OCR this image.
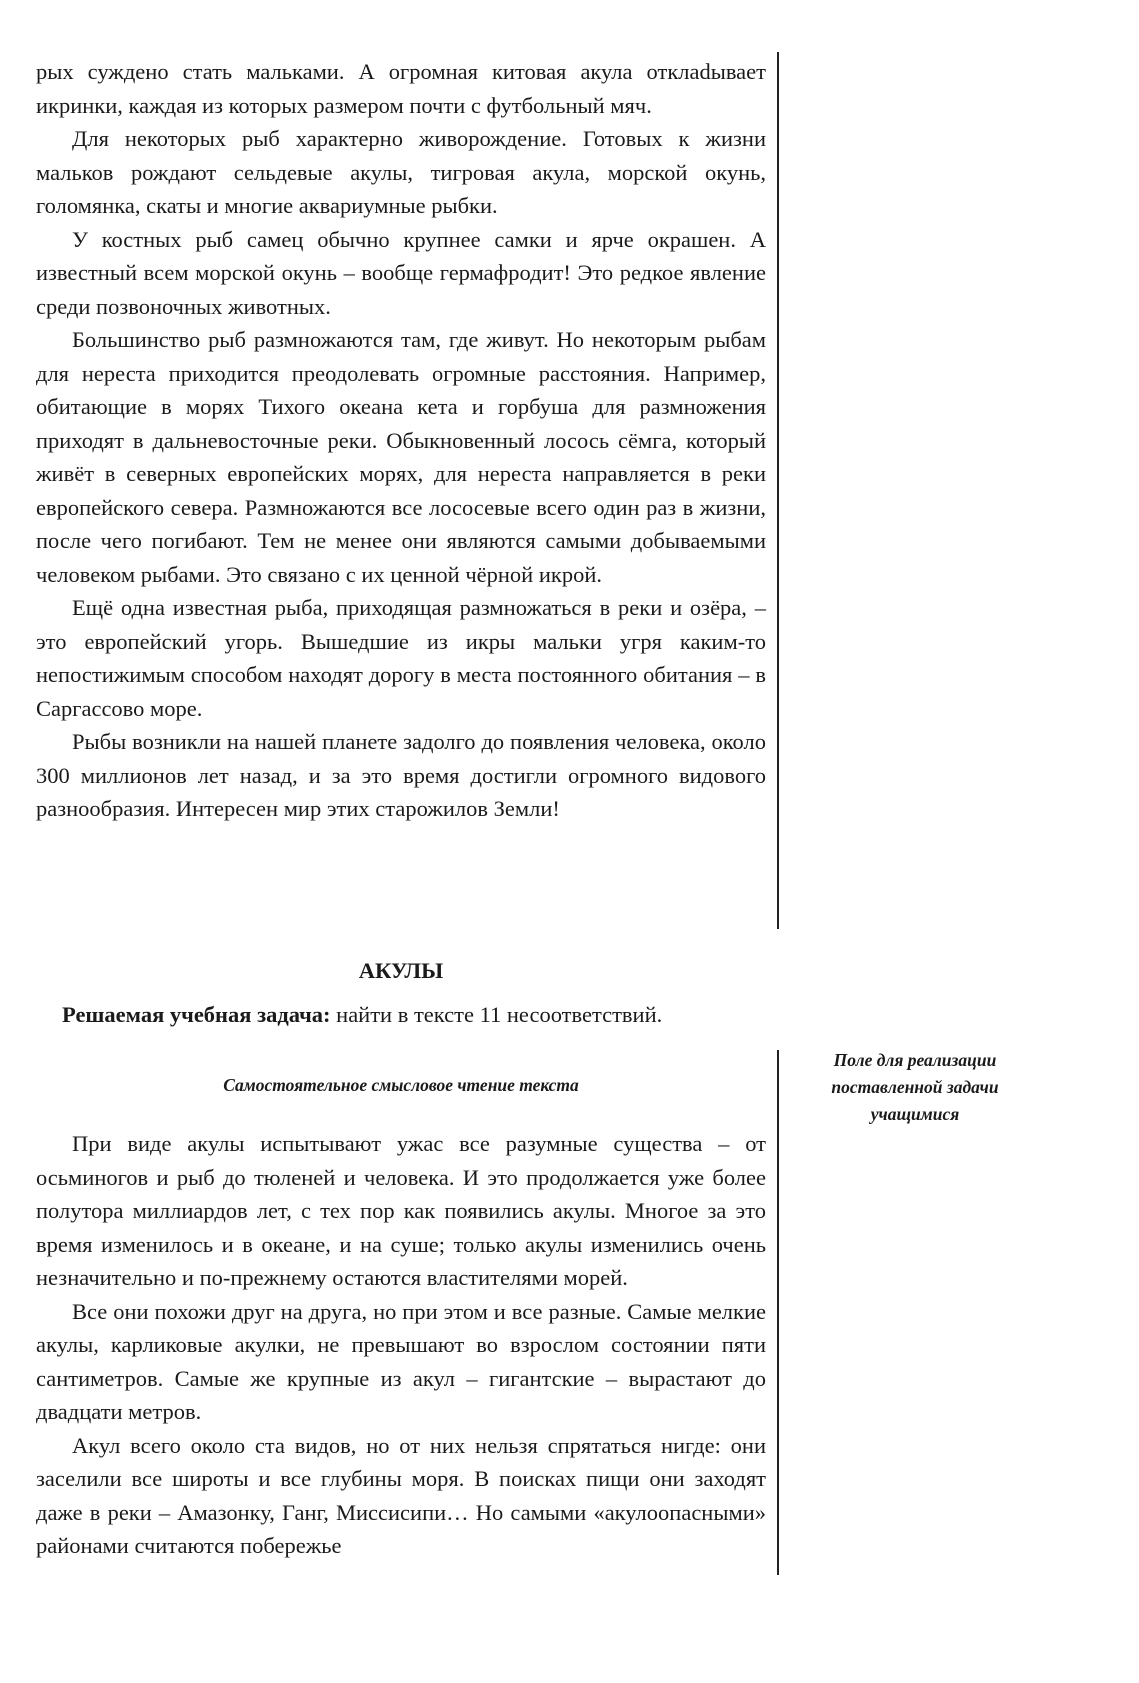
рых суждено стать мальками. А огромная китовая акула отклаdывает икринки, каждая из которых размером почти с футбольный мяч.

Для некоторых рыб характерно живорождение. Готовых к жизни мальков рождают сельдевые акулы, тигровая акула, морской окунь, голомянка, скаты и многие аквариумные рыбки.

У костных рыб самец обычно крупнее самки и ярче окрашен. А известный всем морской окунь – вообще гермафродит! Это редкое явление среди позвоночных животных.

Большинство рыб размножаются там, где живут. Но некоторым рыбам для нереста приходится преодолевать огромные расстояния. Например, обитающие в морях Тихого океана кета и горбуша для размножения приходят в дальневосточные реки. Обыкновенный лосось сёмга, который живёт в северных европейских морях, для нереста направляется в реки европейского севера. Размножаются все лососевые всего один раз в жизни, после чего погибают. Тем не менее они являются самыми добываемыми человеком рыбами. Это связано с их ценной чёрной икрой.

Ещё одна известная рыба, приходящая размножаться в реки и озёра, – это европейский угорь. Вышедшие из икры мальки угря каким-то непостижимым способом находят дорогу в места постоянного обитания – в Саргассово море.

Рыбы возникли на нашей планете задолго до появления человека, около 300 миллионов лет назад, и за это время достигли огромного видового разнообразия. Интересен мир этих старожилов Земли!

АКУЛЫ
Решаемая учебная задача: найти в тексте 11 несоответствий.
Самостоятельное смысловое чтение текста
Поле для реализации поставленной задачи учащимися

При виде акулы испытывают ужас все разумные существа – от осьминогов и рыб до тюленей и человека. И это продолжается уже более полутора миллиардов лет, с тех пор как появились акулы. Многое за это время изменилось и в океане, и на суше; только акулы изменились очень незначительно и по-прежнему остаются властителями морей.

Все они похожи друг на друга, но при этом и все разные. Самые мелкие акулы, карликовые акулки, не превышают во взрослом состоянии пяти сантиметров. Самые же крупные из акул – гигантские – вырастают до двадцати метров.

Акул всего около ста видов, но от них нельзя спрятаться нигде: они заселили все широты и все глубины моря. В поисках пищи они заходят даже в реки – Амазонку, Ганг, Миссисипи… Но самыми «акулоопасными» районами считаются побережье
